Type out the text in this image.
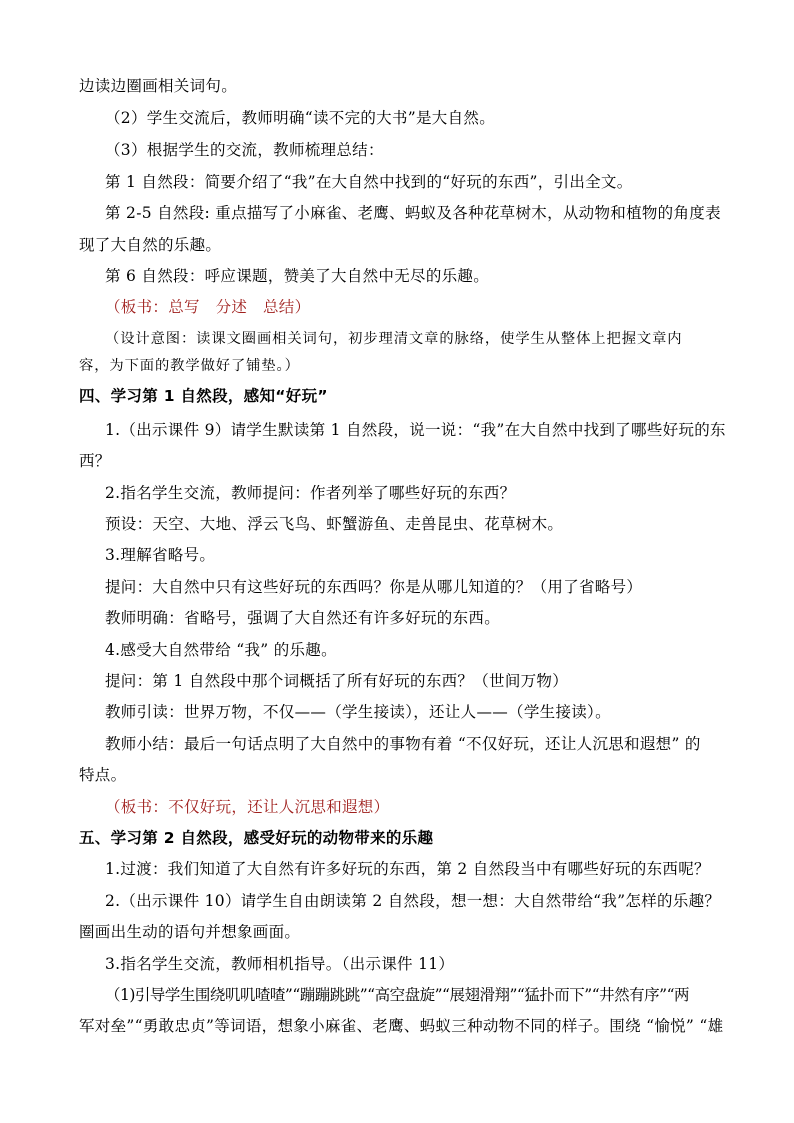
边读边圈画相关词句。
（2）学生交流后，教师明确“读不完的大书”是大自然。
（3）根据学生的交流，教师梳理总结：
第 1 自然段：简要介绍了“我”在大自然中找到的“好玩的东西”，引出全文。
第 2-5 自然段: 重点描写了小麻雀、老鹰、蚂蚁及各种花草树木，从动物和植物的角度表
现了大自然的乐趣。
第 6 自然段：呼应课题，赞美了大自然中无尽的乐趣。
（板书：总写　分述　总结）
（设计意图：读课文圈画相关词句，初步理清文章的脉络，使学生从整体上把握文章内
容，为下面的教学做好了铺垫。）
四、学习第 1 自然段，感知“好玩”
1.（出示课件 9）请学生默读第 1 自然段，说一说：“我”在大自然中找到了哪些好玩的东
西？
2.指名学生交流，教师提问：作者列举了哪些好玩的东西？
预设：天空、大地、浮云飞鸟、虾蟹游鱼、走兽昆虫、花草树木。
3.理解省略号。
提问：大自然中只有这些好玩的东西吗？你是从哪儿知道的？（用了省略号）
教师明确：省略号，强调了大自然还有许多好玩的东西。
4.感受大自然带给 “我” 的乐趣。
提问：第 1 自然段中那个词概括了所有好玩的东西？（世间万物）
教师引读：世界万物，不仅——（学生接读），还让人——（学生接读）。
教师小结：最后一句话点明了大自然中的事物有着 “不仅好玩，还让人沉思和遐想” 的
特点。
（板书：不仅好玩，还让人沉思和遐想）
五、学习第 2 自然段，感受好玩的动物带来的乐趣
1.过渡：我们知道了大自然有许多好玩的东西，第 2 自然段当中有哪些好玩的东西呢？
2.（出示课件 10）请学生自由朗读第 2 自然段，想一想：大自然带给“我”怎样的乐趣？
圈画出生动的语句并想象画面。
3.指名学生交流，教师相机指导。（出示课件 11）
（1)引导学生围绕叽叽喳喳”“蹦蹦跳跳”“高空盘旋”“展翅滑翔”“猛扑而下”“井然有序”“两
军对垒”“勇敢忠贞”等词语，想象小麻雀、老鹰、蚂蚁三种动物不同的样子。围绕 “愉悦” “雄
